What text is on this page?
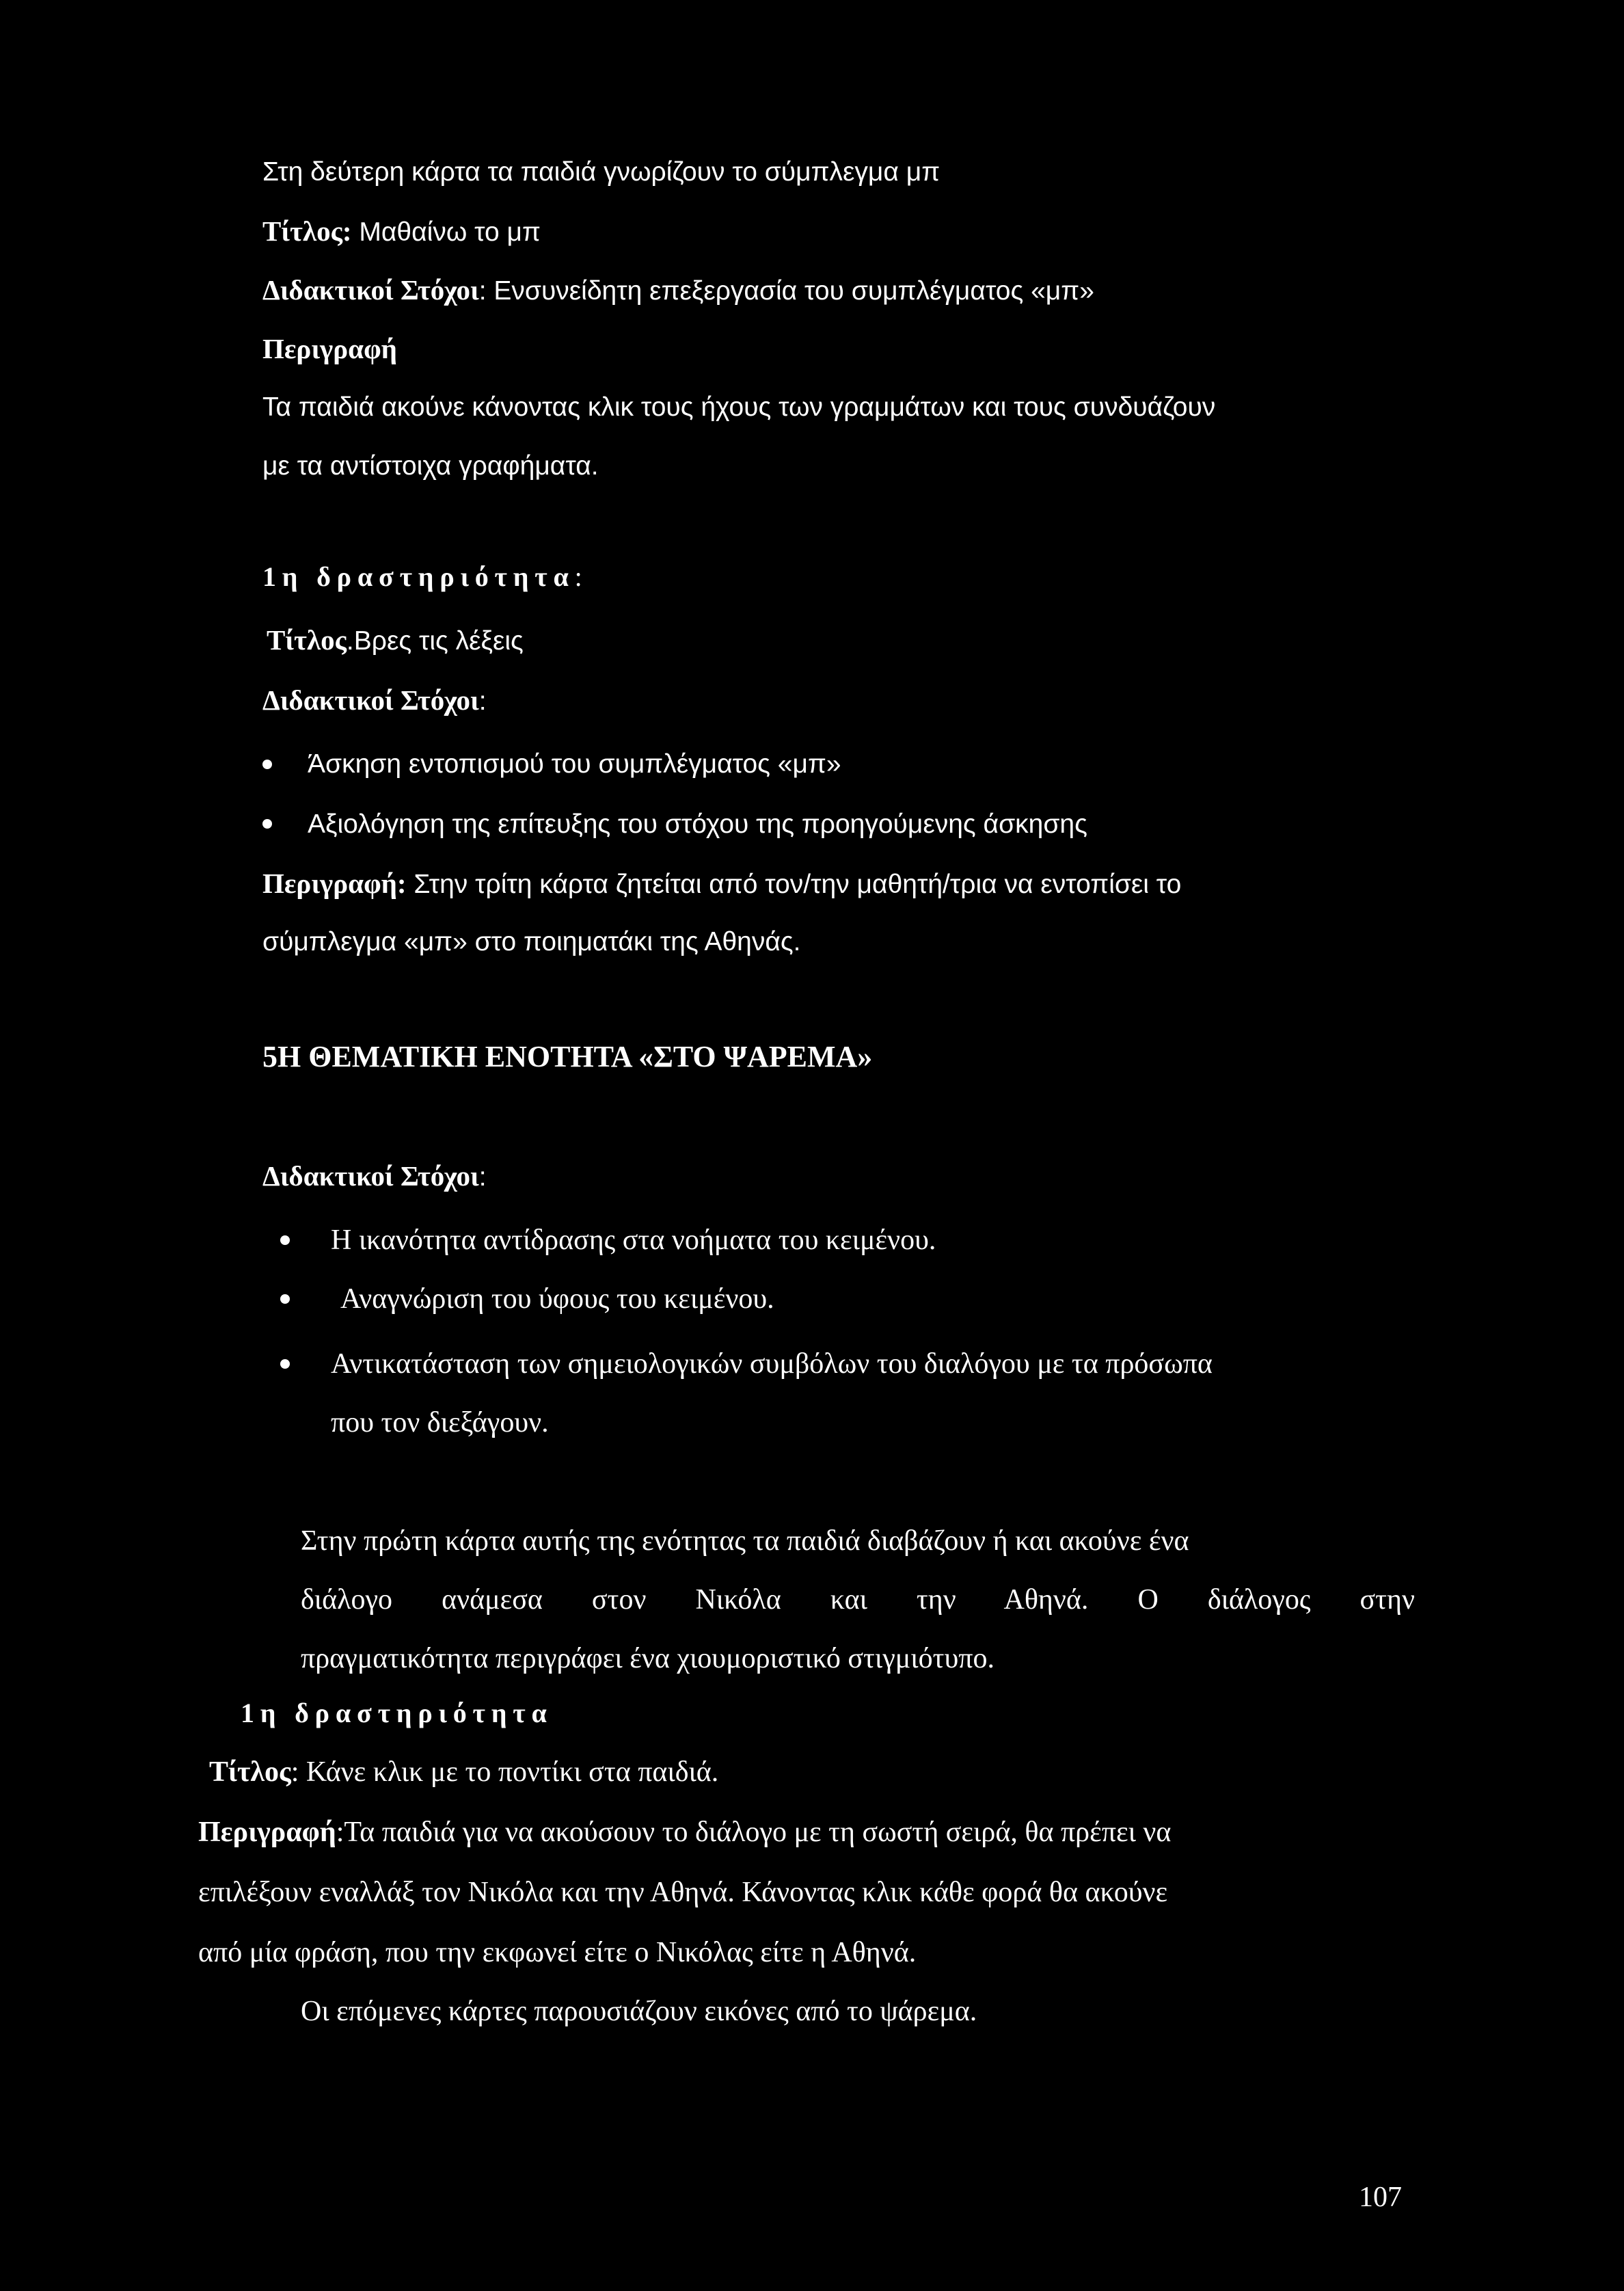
Στη δεύτερη κάρτα τα παιδιά γνωρίζουν το σύμπλεγμα μπ
Τίτλος: Μαθαίνω το μπ
Διδακτικοί Στόχοι: Ενσυνείδητη επεξεργασία του συμπλέγματος «μπ»
Περιγραφή
Τα παιδιά ακούνε κάνοντας κλικ τους ήχους των γραμμάτων και τους συνδυάζουν
με τα αντίστοιχα γραφήματα.
1η δραστηριότητα:
Τίτλος.Βρες τις λέξεις
Διδακτικοί Στόχοι:
Άσκηση εντοπισμού του συμπλέγματος «μπ»
Αξιολόγηση της επίτευξης του στόχου της προηγούμενης άσκησης
Περιγραφή: Στην τρίτη κάρτα ζητείται από τον/την μαθητή/τρια να εντοπίσει το
σύμπλεγμα «μπ» στο ποιηματάκι της Αθηνάς.
5Η ΘΕΜΑΤΙΚΗ ΕΝΟΤΗΤΑ «ΣΤΟ ΨΑΡΕΜΑ»
Διδακτικοί Στόχοι:
Η ικανότητα αντίδρασης στα νοήματα του κειμένου.
Αναγνώριση του ύφους του κειμένου.
Αντικατάσταση των σημειολογικών συμβόλων του διαλόγου με τα πρόσωπα
που τον διεξάγουν.
Στην πρώτη κάρτα αυτής της ενότητας τα παιδιά διαβάζουν ή και ακούνε ένα
διάλογο ανάμεσα στον Νικόλα και την Αθηνά. Ο διάλογος στην
πραγματικότητα περιγράφει ένα χιουμοριστικό στιγμιότυπο.
1η δραστηριότητα
Τίτλος: Κάνε κλικ με το ποντίκι στα παιδιά.
Περιγραφή:Τα παιδιά για να ακούσουν το διάλογο με τη σωστή σειρά, θα πρέπει να
επιλέξουν εναλλάξ τον Νικόλα και την Αθηνά. Κάνοντας κλικ κάθε φορά θα ακούνε
από μία φράση, που την εκφωνεί είτε ο Νικόλας είτε η Αθηνά.
Οι επόμενες κάρτες παρουσιάζουν εικόνες από το ψάρεμα.
107
